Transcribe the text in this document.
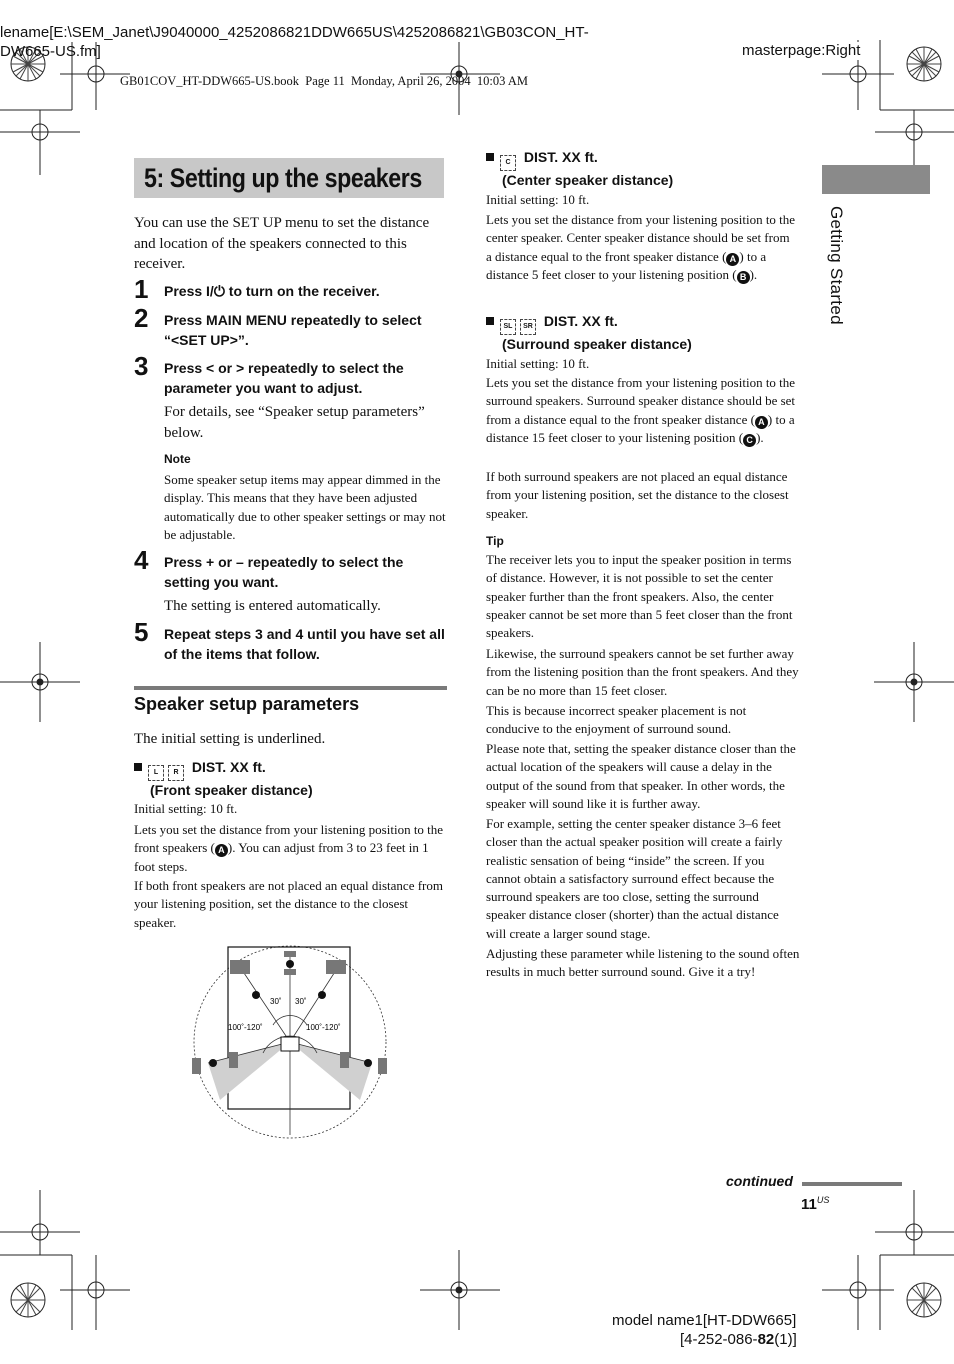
lename[E:\SEM_Janet\J9040000_4252086821DDW665US\4252086821\GB03CON_HT-
DW665-US.fm]	masterpage:Right
GB01COV_HT-DDW665-US.book  Page 11  Monday, April 26, 2004  10:03 AM
Getting Started
5: Setting up the speakers

You can use the SET UP menu to set the distance and location of the speakers connected to this receiver.

1 Press I/⏻ to turn on the receiver.

2 Press MAIN MENU repeatedly to select “<SET UP>”.

3 Press < or > repeatedly to select the parameter you want to adjust.

For details, see “Speaker setup parameters” below.

Note

Some speaker setup items may appear dimmed in the display. This means that they have been adjusted automatically due to other speaker settings or may not be adjustable.

4 Press + or – repeatedly to select the setting you want.

The setting is entered automatically.

5 Repeat steps 3 and 4 until you have set all of the items that follow.

Speaker setup parameters

The initial setting is underlined.

L R DIST. XX ft.
(Front speaker distance)

Initial setting: 10 ft.

Lets you set the distance from your listening position to the front speakers ( A ). You can adjust from 3 to 23 feet in 1 foot steps.

If both front speakers are not placed an equal distance from your listening position, set the distance to the closest speaker.

30˚ 30˚
100˚-120˚	100˚-120˚
C DIST. XX ft.
(Center speaker distance)

Initial setting: 10 ft.

Lets you set the distance from your listening position to the center speaker. Center speaker distance should be set from a distance equal to the front speaker distance ( A ) to a distance 5 feet closer to your listening position ( B ).

SL SR DIST. XX ft.
(Surround speaker distance)

Initial setting: 10 ft.

Lets you set the distance from your listening position to the surround speakers. Surround speaker distance should be set from a distance equal to the front speaker distance ( A ) to a distance 15 feet closer to your listening position ( C ).

If both surround speakers are not placed an equal distance from your listening position, set the distance to the closest speaker.

Tip

The receiver lets you to input the speaker position in terms of distance. However, it is not possible to set the center speaker further than the front speakers. Also, the center speaker cannot be set more than 5 feet closer than the front speakers.

Likewise, the surround speakers cannot be set further away from the listening position than the front speakers. And they can be no more than 15 feet closer.

This is because incorrect speaker placement is not conducive to the enjoyment of surround sound.

Please note that, setting the speaker distance closer than the actual location of the speakers will cause a delay in the output of the sound from that speaker. In other words, the speaker will sound like it is further away.

For example, setting the center speaker distance 3–6 feet closer than the actual speaker position will create a fairly realistic sensation of being “inside” the screen. If you cannot obtain a satisfactory surround effect because the surround speakers are too close, setting the surround speaker distance closer (shorter) than the actual distance will create a larger sound stage.

Adjusting these parameter while listening to the sound often results in much better surround sound. Give it a try!

continued
$11^{US}$
model name1[HT-DDW665]
[4-252-086-82(1)]
